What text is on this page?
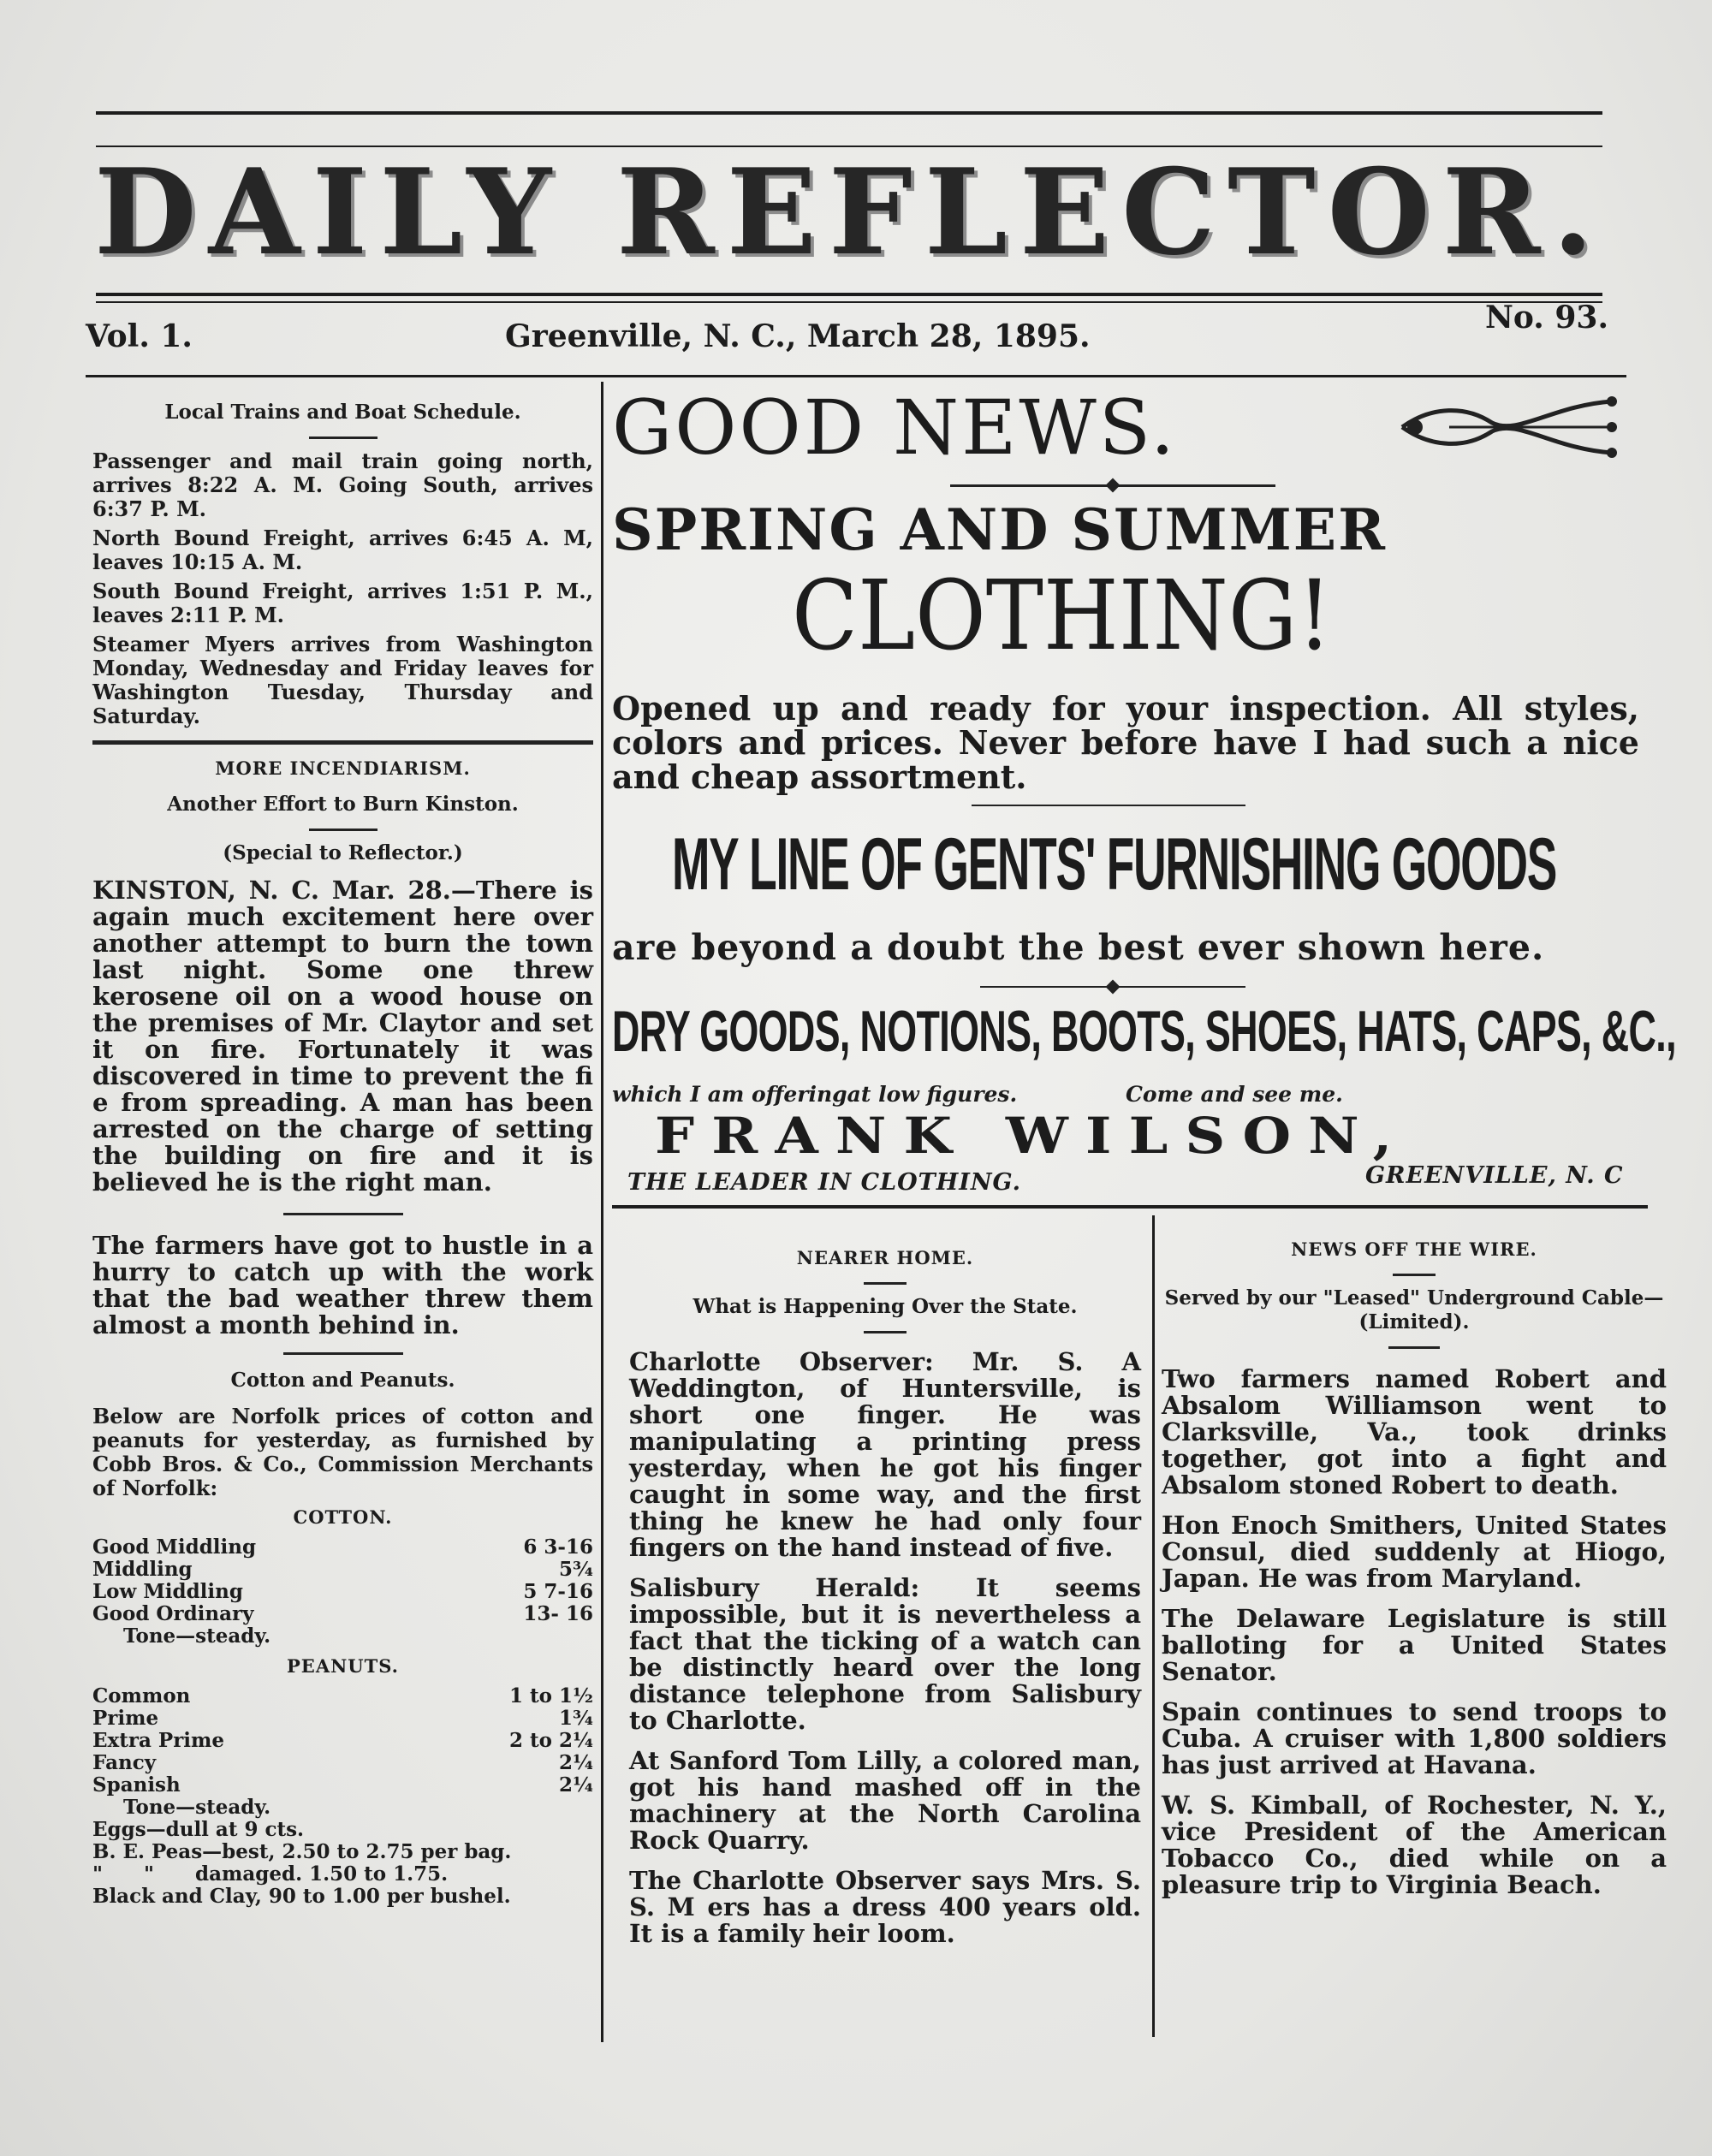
DAILY REFLECTOR.
Vol. 1.	Greenville, N. C., March 28, 1895.
No. 93.
Local Trains and Boat Schedule.

Passenger and mail train going north, arrives 8:22 A. M. Going South, arrives 6:37 P. M.

North Bound Freight, arrives 6:45 A. M, leaves 10:15 A. M.

South Bound Freight, arrives 1:51 P. M., leaves 2:11 P. M.

Steamer Myers arrives from Washington Monday, Wednesday and Friday leaves for Washington Tuesday, Thursday and Saturday.

MORE INCENDIARISM.
Another Effort to Burn Kinston.
(Special to Reflector.)

KINSTON, N. C. Mar. 28.—There is again much excitement here over another attempt to burn the town last night. Some one threw kerosene oil on a wood house on the premises of Mr. Claytor and set it on fire. Fortunately it was discovered in time to prevent the fi e from spreading. A man has been arrested on the charge of setting the building on fire and it is believed he is the right man.

The farmers have got to hustle in a hurry to catch up with the work that the bad weather threw them almost a month behind in.

Cotton and Peanuts.

Below are Norfolk prices of cotton and peanuts for yesterday, as furnished by Cobb Bros. & Co., Commission Merchants of Norfolk:

COTTON.
Good Middling	6 3-16
Middling	5¾
Low Middling	5 7-16
Good Ordinary	13- 16
Tone—steady.
PEANUTS.
Common	1 to 1½
Prime	1¾
Extra Prime	2 to 2¼
Fancy	2¼
Spanish	2¼
Tone—steady.
Eggs—dull at 9 cts.
B. E. Peas—best, 2.50 to 2.75 per bag.
"      "      damaged. 1.50 to 1.75.
Black and Clay, 90 to 1.00 per bushel.
GOOD NEWS.
SPRING AND SUMMER
CLOTHING!
Opened up and ready for your inspection. All styles, colors and prices. Never before have I had such a nice and cheap assortment.
MY LINE OF GENTS' FURNISHING GOODS
are beyond a doubt the best ever shown here.
DRY GOODS, NOTIONS, BOOTS, SHOES, HATS, CAPS, &C.,
which I am offeringat low figures.	Come and see me.
FRANK WILSON,
THE LEADER IN CLOTHING.	GREENVILLE, N. C
NEARER HOME.
What is Happening Over the State.

Charlotte Observer: Mr. S. A Weddington, of Huntersville, is short one finger. He was manipulating a printing press yesterday, when he got his finger caught in some way, and the first thing he knew he had only four fingers on the hand instead of five.

Salisbury Herald: It seems impossible, but it is nevertheless a fact that the ticking of a watch can be distinctly heard over the long distance telephone from Salisbury to Charlotte.

At Sanford Tom Lilly, a colored man, got his hand mashed off in the machinery at the North Carolina Rock Quarry.

The Charlotte Observer says Mrs. S. S. M ers has a dress 400 years old. It is a family heir loom.

NEWS OFF THE WIRE.
Served by our "Leased" Underground Cable—(Limited).

Two farmers named Robert and Absalom Williamson went to Clarksville, Va., took drinks together, got into a fight and Absalom stoned Robert to death.

Hon Enoch Smithers, United States Consul, died suddenly at Hiogo, Japan. He was from Maryland.

The Delaware Legislature is still balloting for a United States Senator.

Spain continues to send troops to Cuba. A cruiser with 1,800 soldiers has just arrived at Havana.

W. S. Kimball, of Rochester, N. Y., vice President of the American Tobacco Co., died while on a pleasure trip to Virginia Beach.
